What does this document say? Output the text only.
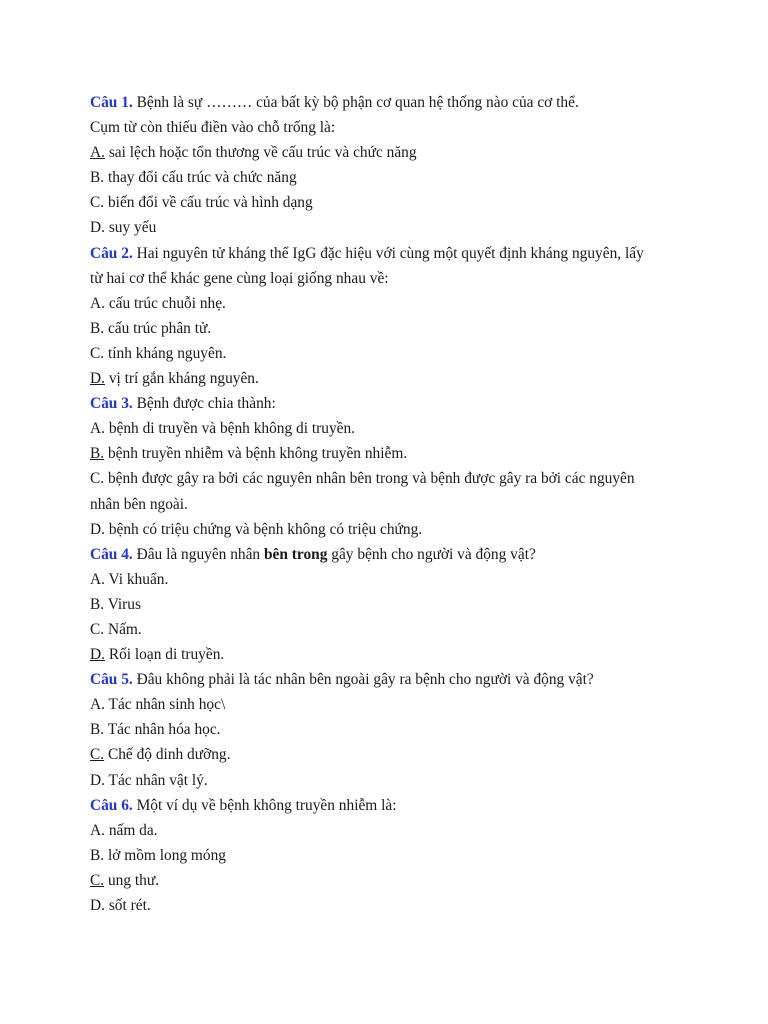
Câu 1. Bệnh là sự ……… của bất kỳ bộ phận cơ quan hệ thống nào của cơ thể.

Cụm từ còn thiếu điền vào chỗ trống là:

A. sai lệch hoặc tổn thương về cấu trúc và chức năng

B. thay đổi cấu trúc và chức năng

C. biến đổi về cấu trúc và hình dạng

D. suy yếu

Câu 2. Hai nguyên tử kháng thể IgG đặc hiệu với cùng một quyết định kháng nguyên, lấy

từ hai cơ thể khác gene cùng loại giống nhau về:

A. cấu trúc chuỗi nhẹ.

B. cấu trúc phân tử.

C. tính kháng nguyên.

D. vị trí gắn kháng nguyên.

Câu 3. Bệnh được chia thành:

A. bệnh di truyền và bệnh không di truyền.

B. bệnh truyền nhiễm và bệnh không truyền nhiễm.

C. bệnh được gây ra bởi các nguyên nhân bên trong và bệnh được gây ra bởi các nguyên

nhân bên ngoài.

D. bệnh có triệu chứng và bệnh không có triệu chứng.

Câu 4. Đâu là nguyên nhân bên trong gây bệnh cho người và động vật?

A. Vi khuẩn.

B. Virus

C. Nấm.

D. Rối loạn di truyền.

Câu 5. Đâu không phải là tác nhân bên ngoài gây ra bệnh cho người và động vật?

A. Tác nhân sinh học\

B. Tác nhân hóa học.

C. Chế độ dinh dưỡng.

D. Tác nhân vật lý.

Câu 6. Một ví dụ về bệnh không truyền nhiễm là:

A. nấm da.

B. lở mồm long móng

C. ung thư.

D. sốt rét.
